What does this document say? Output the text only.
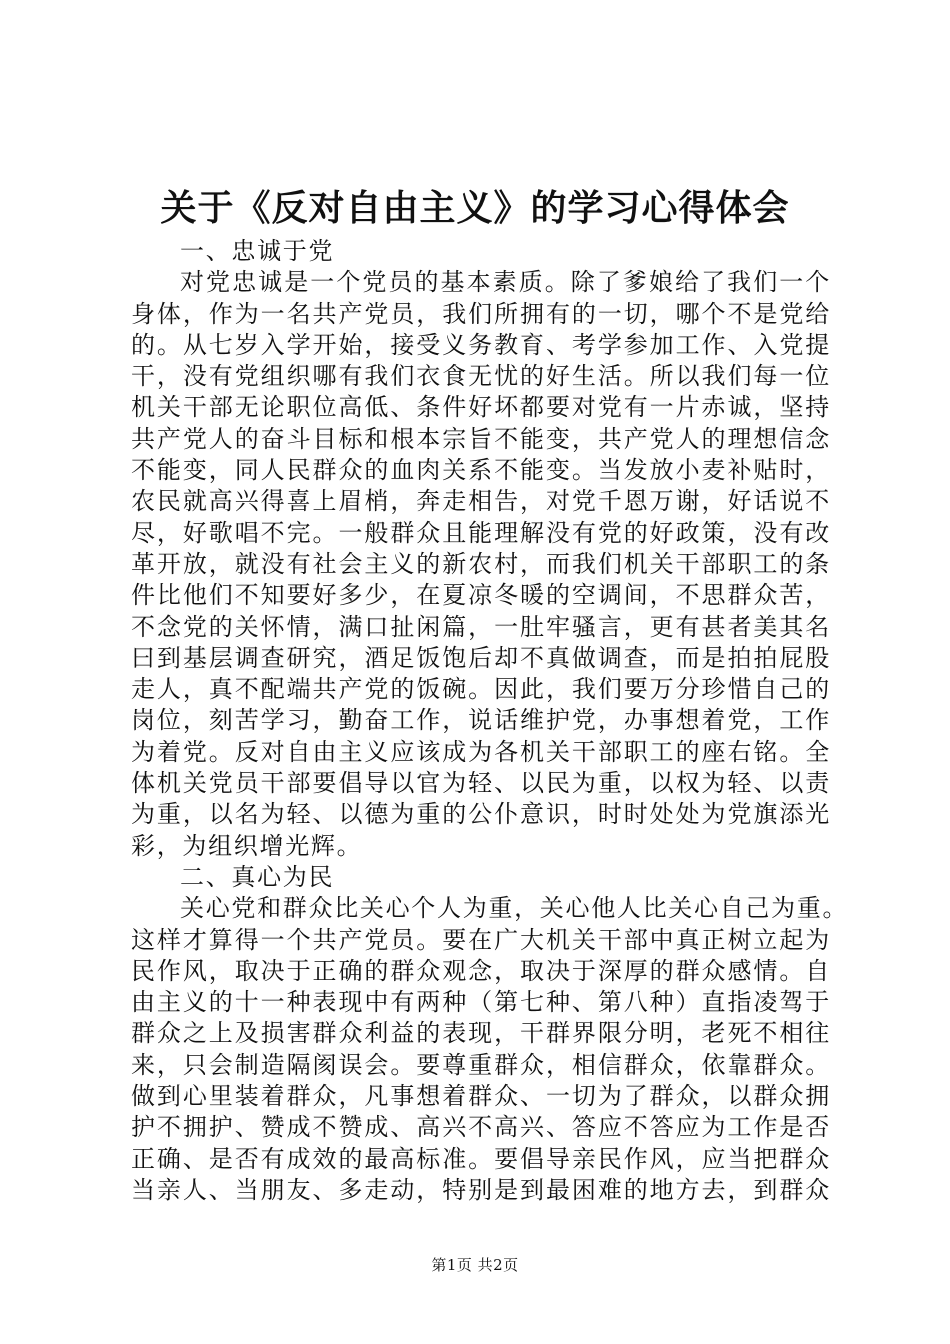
关于《反对自由主义》的学习心得体会
一、忠诚于党
对党忠诚是一个党员的基本素质。除了爹娘给了我们一个
身体，作为一名共产党员，我们所拥有的一切，哪个不是党给
的。从七岁入学开始，接受义务教育、考学参加工作、入党提
干，没有党组织哪有我们衣食无忧的好生活。所以我们每一位
机关干部无论职位高低、条件好坏都要对党有一片赤诚，坚持
共产党人的奋斗目标和根本宗旨不能变，共产党人的理想信念
不能变，同人民群众的血肉关系不能变。当发放小麦补贴时，
农民就高兴得喜上眉梢，奔走相告，对党千恩万谢，好话说不
尽，好歌唱不完。一般群众且能理解没有党的好政策，没有改
革开放，就没有社会主义的新农村，而我们机关干部职工的条
件比他们不知要好多少，在夏凉冬暖的空调间，不思群众苦，
不念党的关怀情，满口扯闲篇，一肚牢骚言，更有甚者美其名
曰到基层调查研究，酒足饭饱后却不真做调查，而是拍拍屁股
走人，真不配端共产党的饭碗。因此，我们要万分珍惜自己的
岗位，刻苦学习，勤奋工作，说话维护党，办事想着党，工作
为着党。反对自由主义应该成为各机关干部职工的座右铭。全
体机关党员干部要倡导以官为轻、以民为重，以权为轻、以责
为重，以名为轻、以德为重的公仆意识，时时处处为党旗添光
彩，为组织增光辉。
二、真心为民
关心党和群众比关心个人为重，关心他人比关心自己为重。
这样才算得一个共产党员。要在广大机关干部中真正树立起为
民作风，取决于正确的群众观念，取决于深厚的群众感情。自
由主义的十一种表现中有两种（第七种、第八种）直指凌驾于
群众之上及损害群众利益的表现，干群界限分明，老死不相往
来，只会制造隔阂误会。要尊重群众，相信群众，依靠群众。
做到心里装着群众，凡事想着群众、一切为了群众，以群众拥
护不拥护、赞成不赞成、高兴不高兴、答应不答应为工作是否
正确、是否有成效的最高标准。要倡导亲民作风，应当把群众
当亲人、当朋友、多走动，特别是到最困难的地方去，到群众
第1页 共2页
